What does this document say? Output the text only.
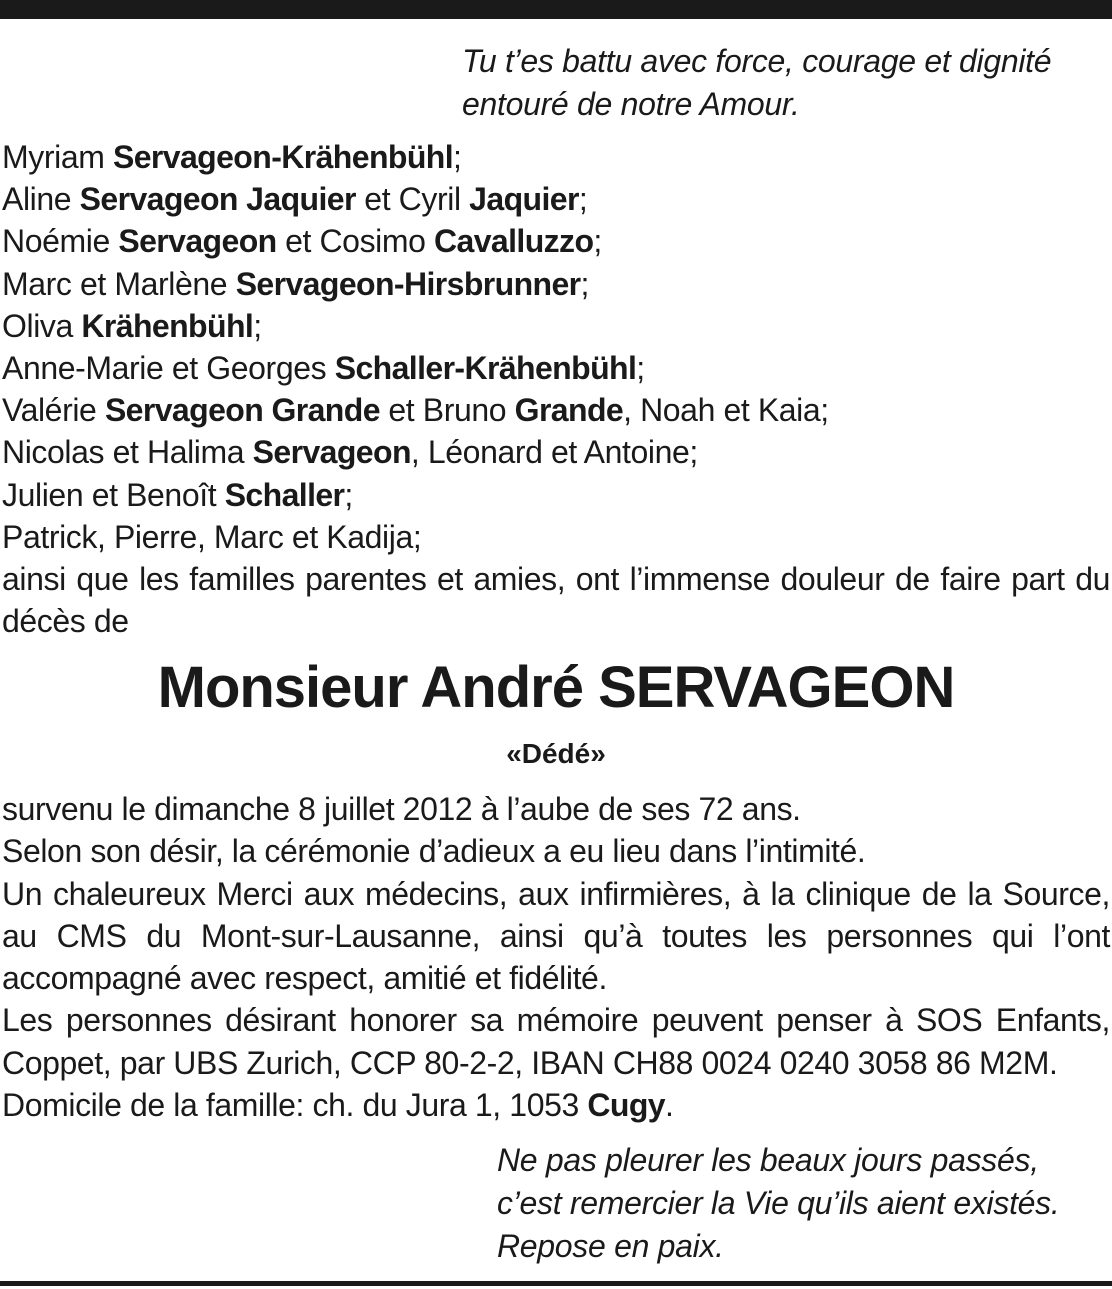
Tu t’es battu avec force, courage et dignité
entouré de notre Amour.
Myriam Servageon-Krähenbühl;
Aline Servageon Jaquier et Cyril Jaquier;
Noémie Servageon et Cosimo Cavalluzzo;
Marc et Marlène Servageon-Hirsbrunner;
Oliva Krähenbühl;
Anne-Marie et Georges Schaller-Krähenbühl;
Valérie Servageon Grande et Bruno Grande, Noah et Kaia;
Nicolas et Halima Servageon, Léonard et Antoine;
Julien et Benoît Schaller;
Patrick, Pierre, Marc et Kadija;
ainsi que les familles parentes et amies, ont l’immense douleur de faire part du décès de
Monsieur André SERVAGEON
«Dédé»
survenu le dimanche 8 juillet 2012 à l’aube de ses 72 ans.
Selon son désir, la cérémonie d’adieux a eu lieu dans l’intimité.
Un chaleureux Merci aux médecins, aux infirmières, à la clinique de la Source, au CMS du Mont-sur-Lausanne, ainsi qu’à toutes les personnes qui l’ont accompagné avec respect, amitié et fidélité.
Les personnes désirant honorer sa mémoire peuvent penser à SOS Enfants, Coppet, par UBS Zurich, CCP 80-2-2, IBAN CH88 0024 0240 3058 86 M2M.
Domicile de la famille: ch. du Jura 1, 1053 Cugy.
Ne pas pleurer les beaux jours passés,
c’est remercier la Vie qu’ils aient existés.
Repose en paix.
